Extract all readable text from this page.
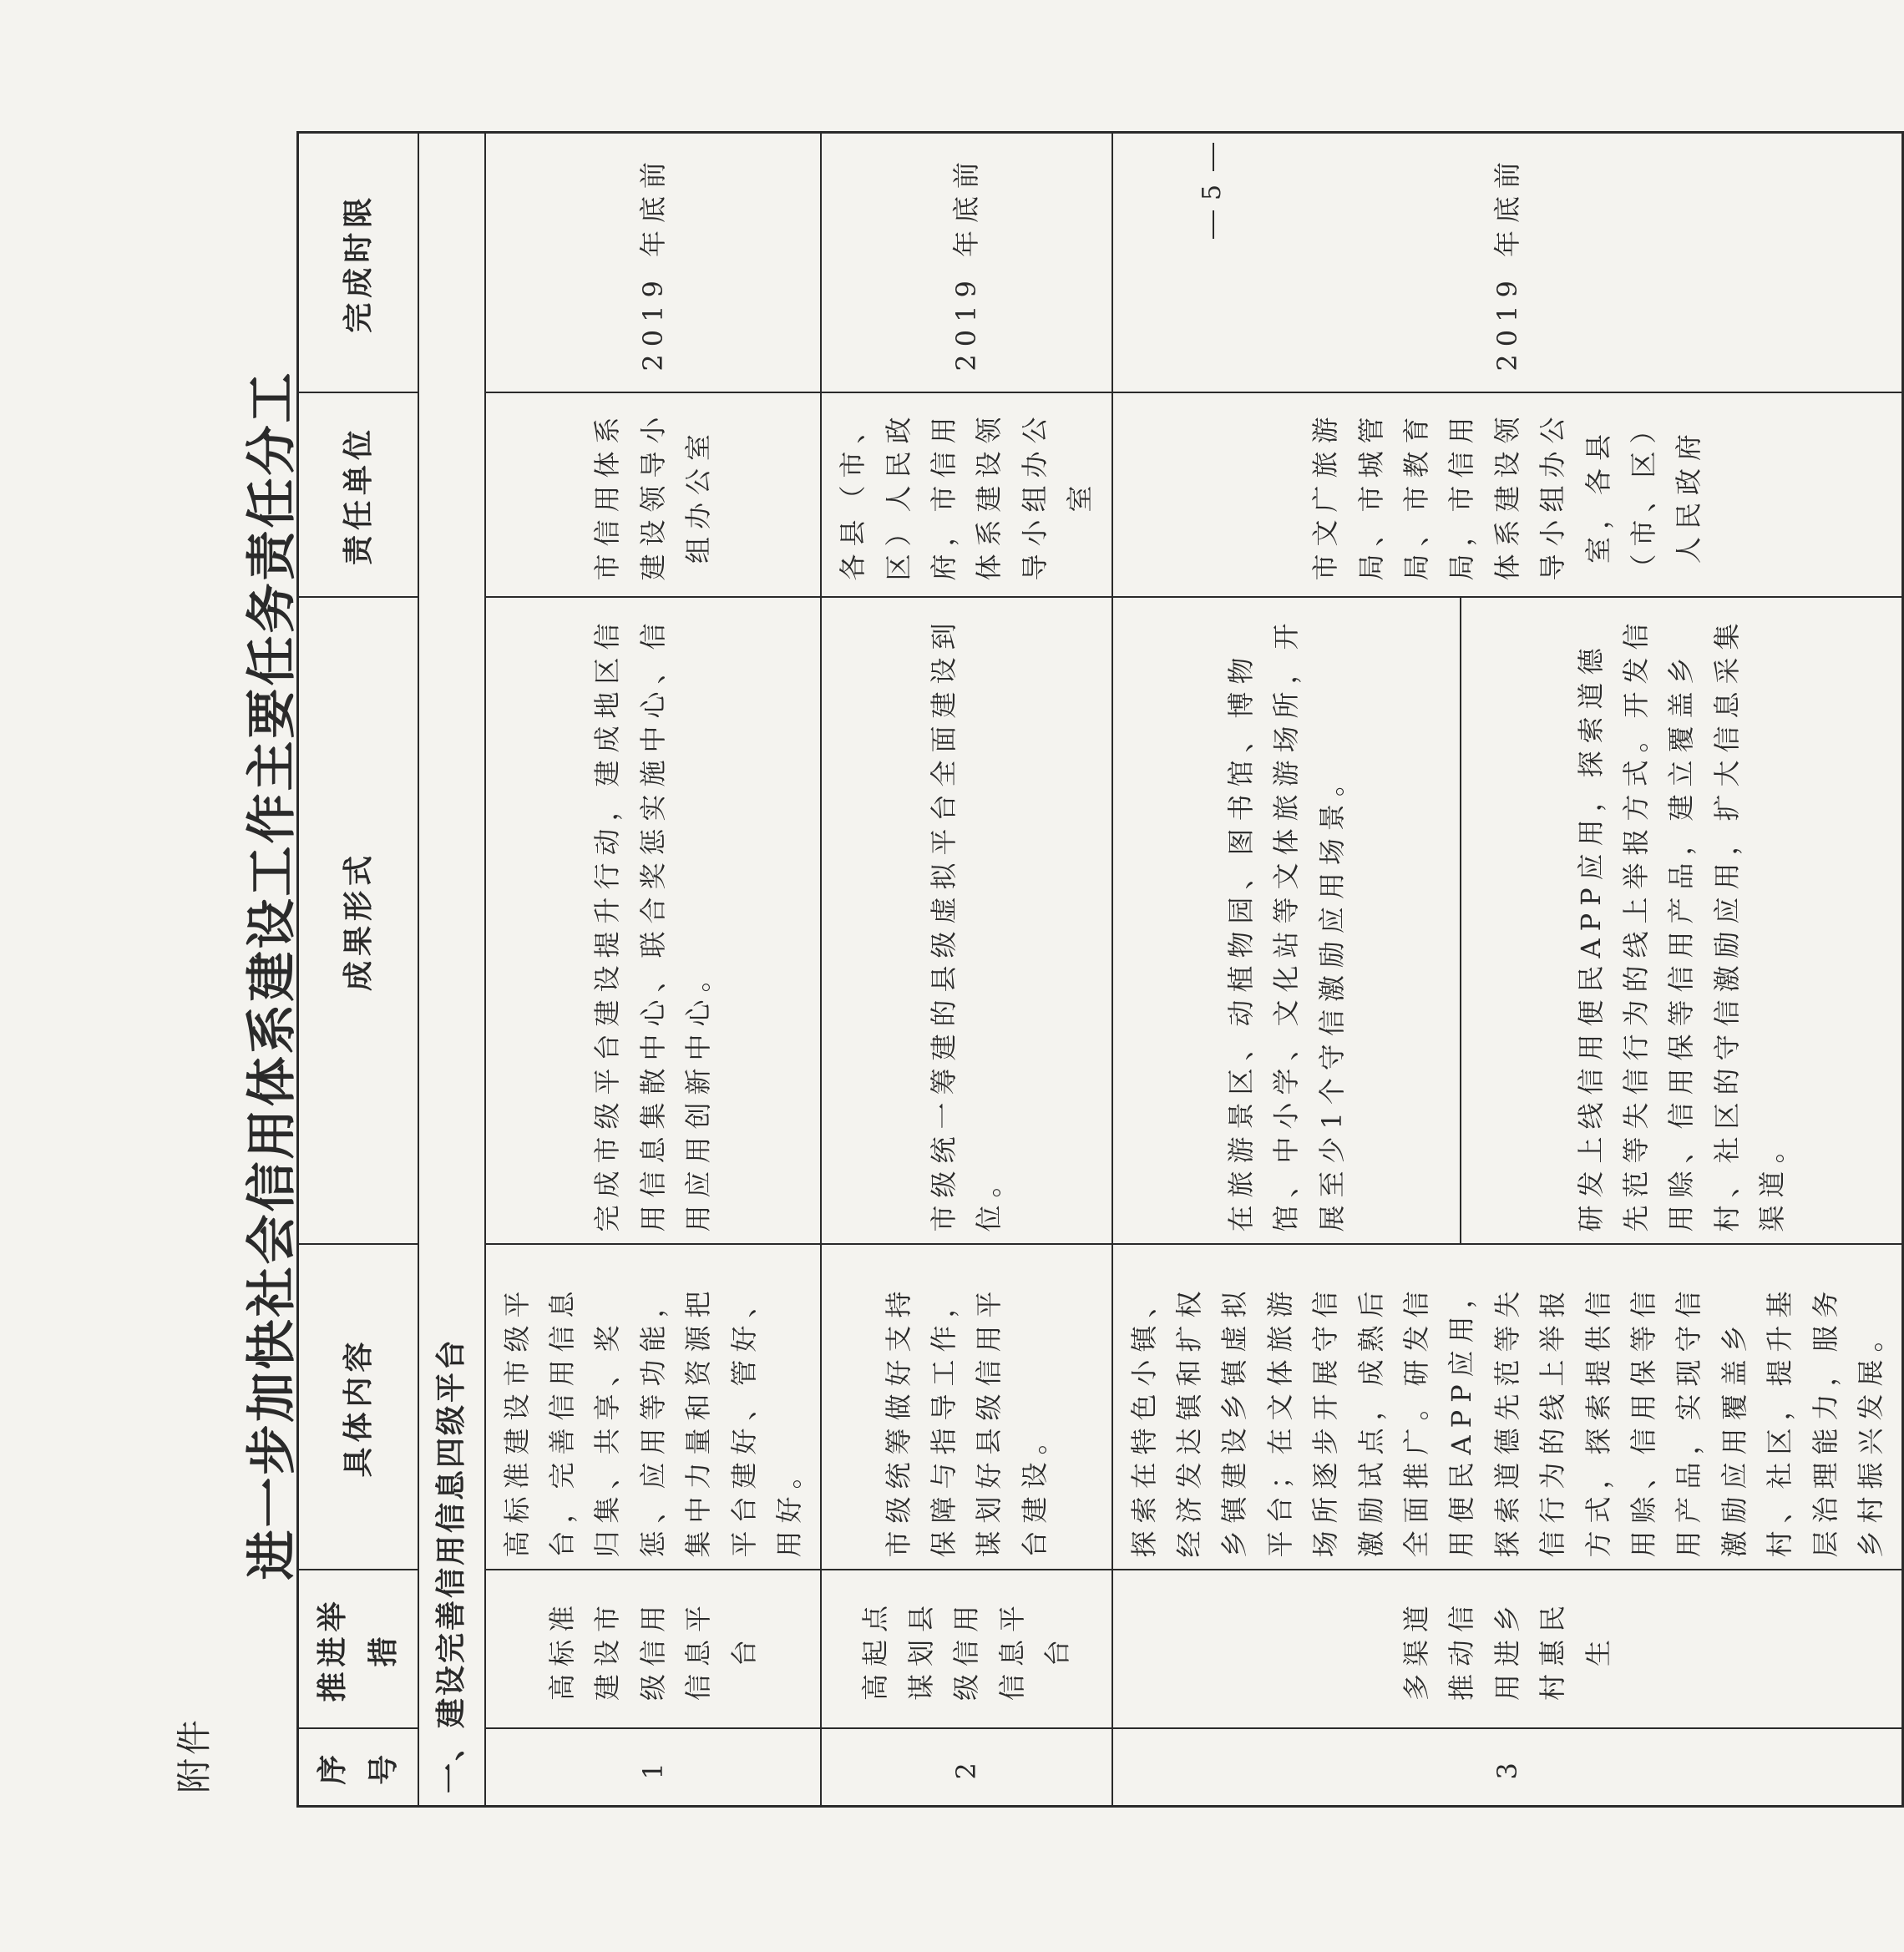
附件
进一步加快社会信用体系建设工作主要任务责任分工
序号	推进举措	具体内容	成果形式	责任单位	完成时限
一、建设完善信用信息四级平台					
1	高标准建设市级信用信息平台	高标准建设市级平台，完善信用信息归集、共享、奖惩、应用等功能，集中力量和资源把平台建好、管好、用好。	完成市级平台建设提升行动，建成地区信用信息集散中心、联合奖惩实施中心、信用应用创新中心。	市信用体系建设领导小组办公室	2019 年底前
2	高起点谋划县级信用信息平台	市级统筹做好支持保障与指导工作，谋划好县级信用平台建设。	市级统一筹建的县级虚拟平台全面建设到位。	各县（市、区）人民政府，市信用体系建设领导小组办公室	2019 年底前
3	多渠道推动信用进乡村惠民生	探索在特色小镇、经济发达镇和扩权乡镇建设乡镇虚拟平台；在文体旅游场所逐步开展守信激励试点，成熟后全面推广。研发信用便民APP应用，探索道德先范等失信行为的线上举报方式，探索提供信用赊、信用保等信用产品，实现守信激励应用覆盖乡村、社区，提升基层治理能力，服务乡村振兴发展。	在旅游景区、动植物园、图书馆、博物馆、中小学、文化站等文体旅游场所，开展至少1个守信激励应用场景。	市文广旅游局、市城管局、市教育局，市信用体系建设领导小组办公室，各县（市、区）人民政府	2019 年底前
			研发上线信用便民APP应用，探索道德先范等失信行为的线上举报方式。开发信用赊、信用保等信用产品，建立覆盖乡村、社区的守信激励应用，扩大信息采集渠道。		
5
